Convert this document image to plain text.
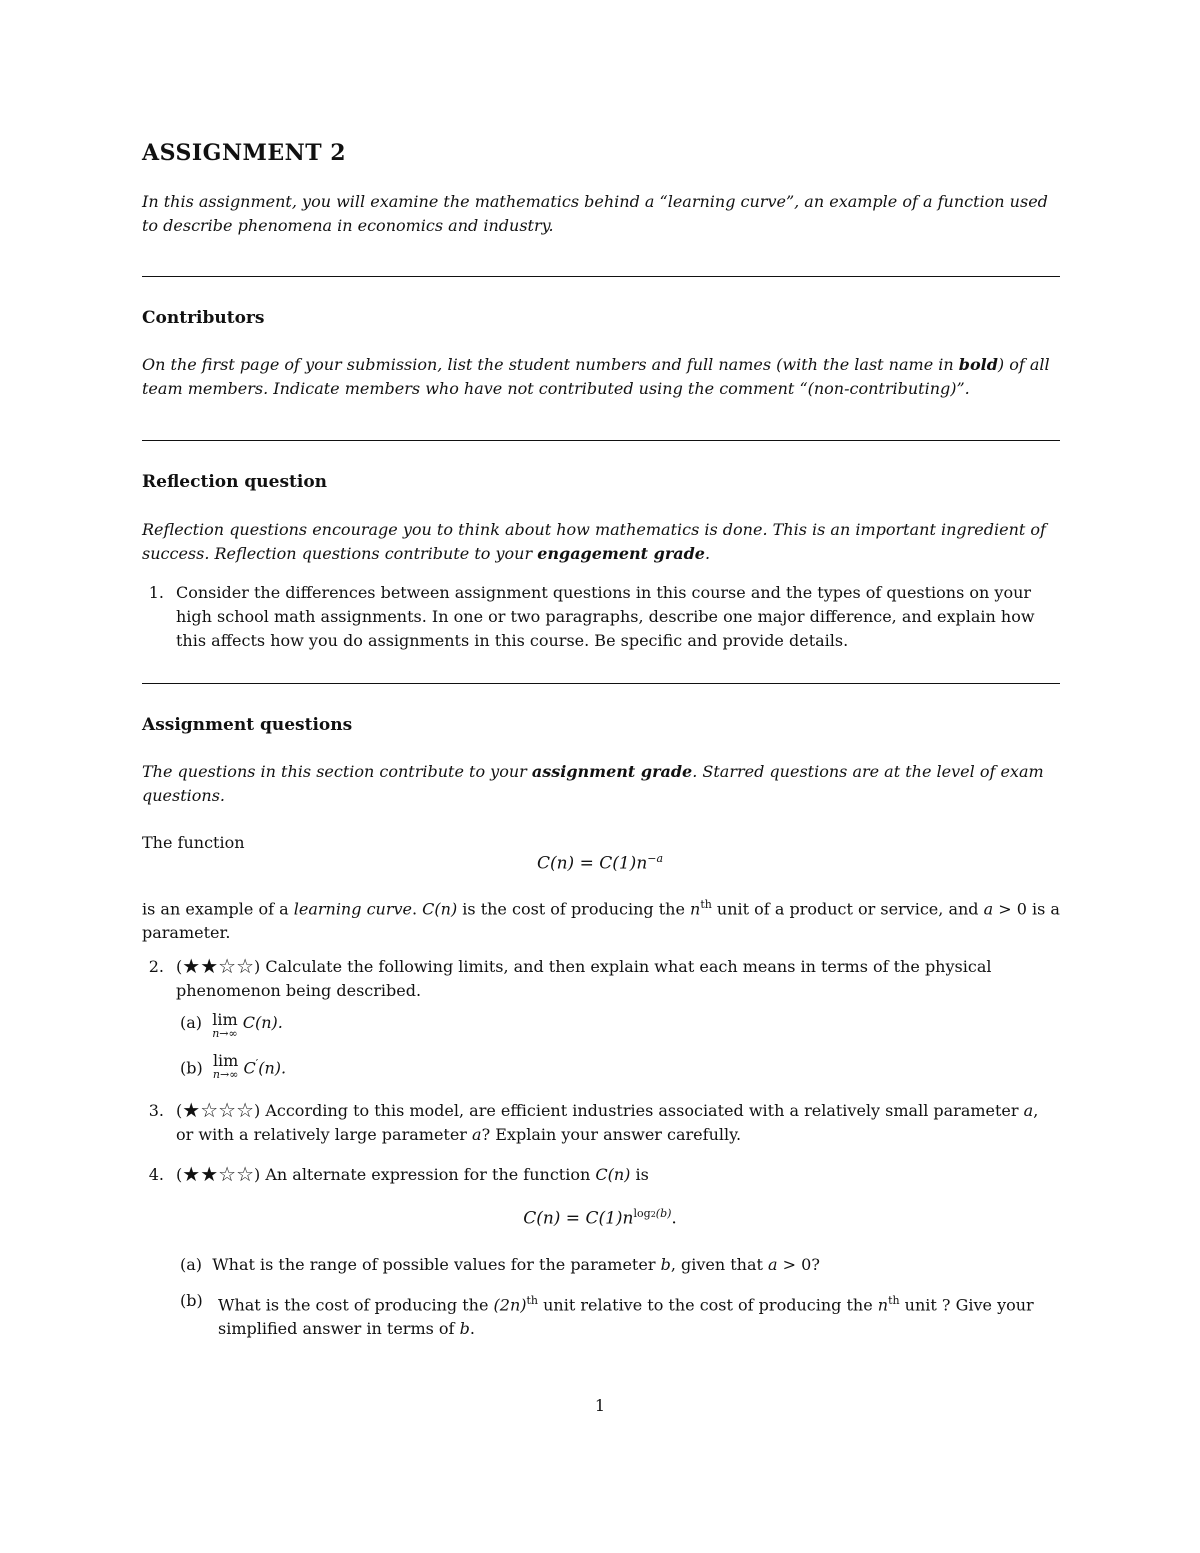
ASSIGNMENT 2
In this assignment, you will examine the mathematics behind a “learning curve”, an example of a function used to describe phenomena in economics and industry.
Contributors
On the first page of your submission, list the student numbers and full names (with the last name in bold) of all team members. Indicate members who have not contributed using the comment “(non-contributing)”.
Reflection question
Reflection questions encourage you to think about how mathematics is done. This is an important ingredient of success. Reflection questions contribute to your engagement grade.
1. Consider the differences between assignment questions in this course and the types of questions on your high school math assignments. In one or two paragraphs, describe one major difference, and explain how this affects how you do assignments in this course. Be specific and provide details.
Assignment questions
The questions in this section contribute to your assignment grade. Starred questions are at the level of exam questions.
The function
$C(n) = C(1)n^{-a}$
is an example of a learning curve. C(n) is the cost of producing the $n^{th}$ unit of a product or service, and a > 0 is a parameter.
2. (★★☆☆) Calculate the following limits, and then explain what each means in terms of the physical phenomenon being described.
(a) lim
n→∞
C(n).
(b) lim
n→∞ C′(n).
3. (★☆☆☆) According to this model, are efficient industries associated with a relatively small parameter a, or with a relatively large parameter a? Explain your answer carefully.
4. (★★☆☆) An alternate expression for the function C(n) is
$C(n) = C(1)n^{log2(b)}$.
(a) What is the range of possible values for the parameter b, given that a > 0?
(b) What is the cost of producing the $(2n)^{th}$ unit relative to the cost of producing the $n^{th}$ unit ? Give your simplified answer in terms of b.
1
